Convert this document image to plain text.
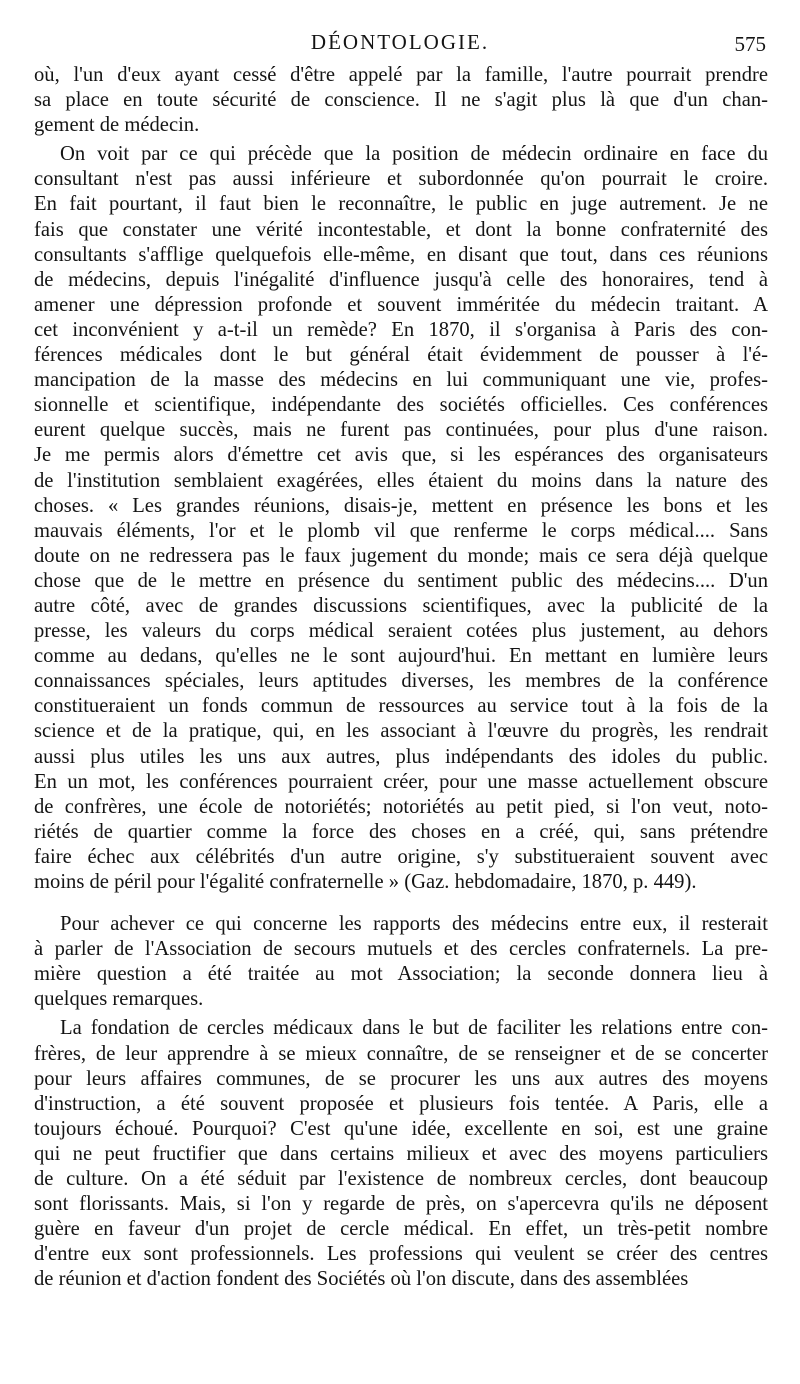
DÉONTOLOGIE.	575
où, l'un d'eux ayant cessé d'être appelé par la famille, l'autre pourrait prendre
sa place en toute sécurité de conscience. Il ne s'agit plus là que d'un chan-
gement de médecin.
On voit par ce qui précède que la position de médecin ordinaire en face du
consultant n'est pas aussi inférieure et subordonnée qu'on pourrait le croire.
En fait pourtant, il faut bien le reconnaître, le public en juge autrement. Je ne
fais que constater une vérité incontestable, et dont la bonne confraternité des
consultants s'afflige quelquefois elle-même, en disant que tout, dans ces réunions
de médecins, depuis l'inégalité d'influence jusqu'à celle des honoraires, tend à
amener une dépression profonde et souvent imméritée du médecin traitant. A
cet inconvénient y a-t-il un remède? En 1870, il s'organisa à Paris des con-
férences médicales dont le but général était évidemment de pousser à l'é-
mancipation de la masse des médecins en lui communiquant une vie, profes-
sionnelle et scientifique, indépendante des sociétés officielles. Ces conférences
eurent quelque succès, mais ne furent pas continuées, pour plus d'une raison.
Je me permis alors d'émettre cet avis que, si les espérances des organisateurs
de l'institution semblaient exagérées, elles étaient du moins dans la nature des
choses. « Les grandes réunions, disais-je, mettent en présence les bons et les
mauvais éléments, l'or et le plomb vil que renferme le corps médical.... Sans
doute on ne redressera pas le faux jugement du monde; mais ce sera déjà quelque
chose que de le mettre en présence du sentiment public des médecins.... D'un
autre côté, avec de grandes discussions scientifiques, avec la publicité de la
presse, les valeurs du corps médical seraient cotées plus justement, au dehors
comme au dedans, qu'elles ne le sont aujourd'hui. En mettant en lumière leurs
connaissances spéciales, leurs aptitudes diverses, les membres de la conférence
constitueraient un fonds commun de ressources au service tout à la fois de la
science et de la pratique, qui, en les associant à l'œuvre du progrès, les rendrait
aussi plus utiles les uns aux autres, plus indépendants des idoles du public.
En un mot, les conférences pourraient créer, pour une masse actuellement obscure
de confrères, une école de notoriétés; notoriétés au petit pied, si l'on veut, noto-
riétés de quartier comme la force des choses en a créé, qui, sans prétendre
faire échec aux célébrités d'un autre origine, s'y substitueraient souvent avec
moins de péril pour l'égalité confraternelle » (Gaz. hebdomadaire, 1870, p. 449).
Pour achever ce qui concerne les rapports des médecins entre eux, il resterait
à parler de l'Association de secours mutuels et des cercles confraternels. La pre-
mière question a été traitée au mot Association; la seconde donnera lieu à
quelques remarques.
La fondation de cercles médicaux dans le but de faciliter les relations entre con-
frères, de leur apprendre à se mieux connaître, de se renseigner et de se concerter
pour leurs affaires communes, de se procurer les uns aux autres des moyens
d'instruction, a été souvent proposée et plusieurs fois tentée. A Paris, elle a
toujours échoué. Pourquoi? C'est qu'une idée, excellente en soi, est une graine
qui ne peut fructifier que dans certains milieux et avec des moyens particuliers
de culture. On a été séduit par l'existence de nombreux cercles, dont beaucoup
sont florissants. Mais, si l'on y regarde de près, on s'apercevra qu'ils ne déposent
guère en faveur d'un projet de cercle médical. En effet, un très-petit nombre
d'entre eux sont professionnels. Les professions qui veulent se créer des centres
de réunion et d'action fondent des Sociétés où l'on discute, dans des assemblées
